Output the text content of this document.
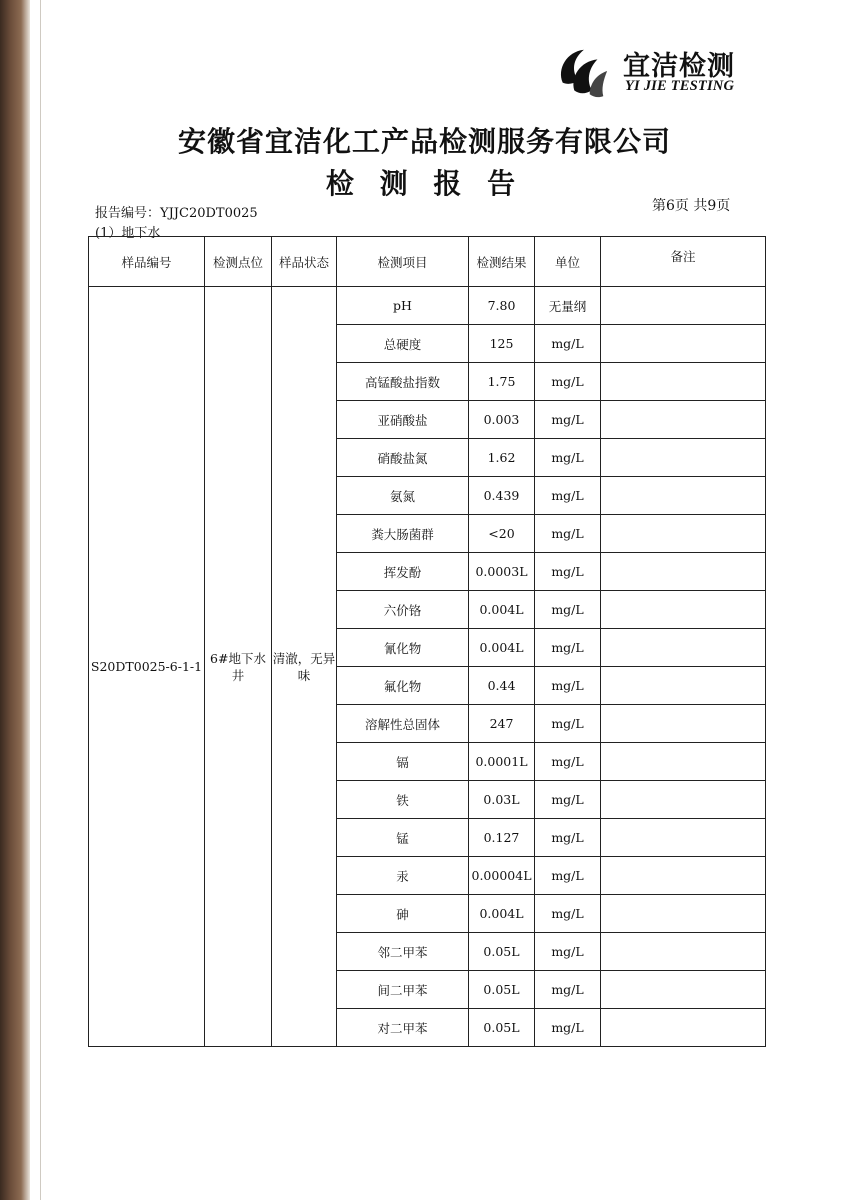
宜洁检测
YI JIE TESTING
安徽省宜洁化工产品检测服务有限公司
检 测 报 告
报告编号：YJJC20DT0025	第6页 共9页
(1）地下水
样品编号	检测点位	样品状态	检测项目	检测结果	单位	备注
S20DT0025-6-1-1	6#地下水井	清澈，无异味	pH	7.80	无量纲	
			总硬度	125	mg/L	
			高锰酸盐指数	1.75	mg/L	
			亚硝酸盐	0.003	mg/L	
			硝酸盐氮	1.62	mg/L	
			氨氮	0.439	mg/L	
			粪大肠菌群	<20	mg/L	
			挥发酚	0.0003L	mg/L	
			六价铬	0.004L	mg/L	
			氰化物	0.004L	mg/L	
			氟化物	0.44	mg/L	
			溶解性总固体	247	mg/L	
			镉	0.0001L	mg/L	
			铁	0.03L	mg/L	
			锰	0.127	mg/L	
			汞	0.00004L	mg/L	
			砷	0.004L	mg/L	
			邻二甲苯	0.05L	mg/L	
			间二甲苯	0.05L	mg/L	
			对二甲苯	0.05L	mg/L	
